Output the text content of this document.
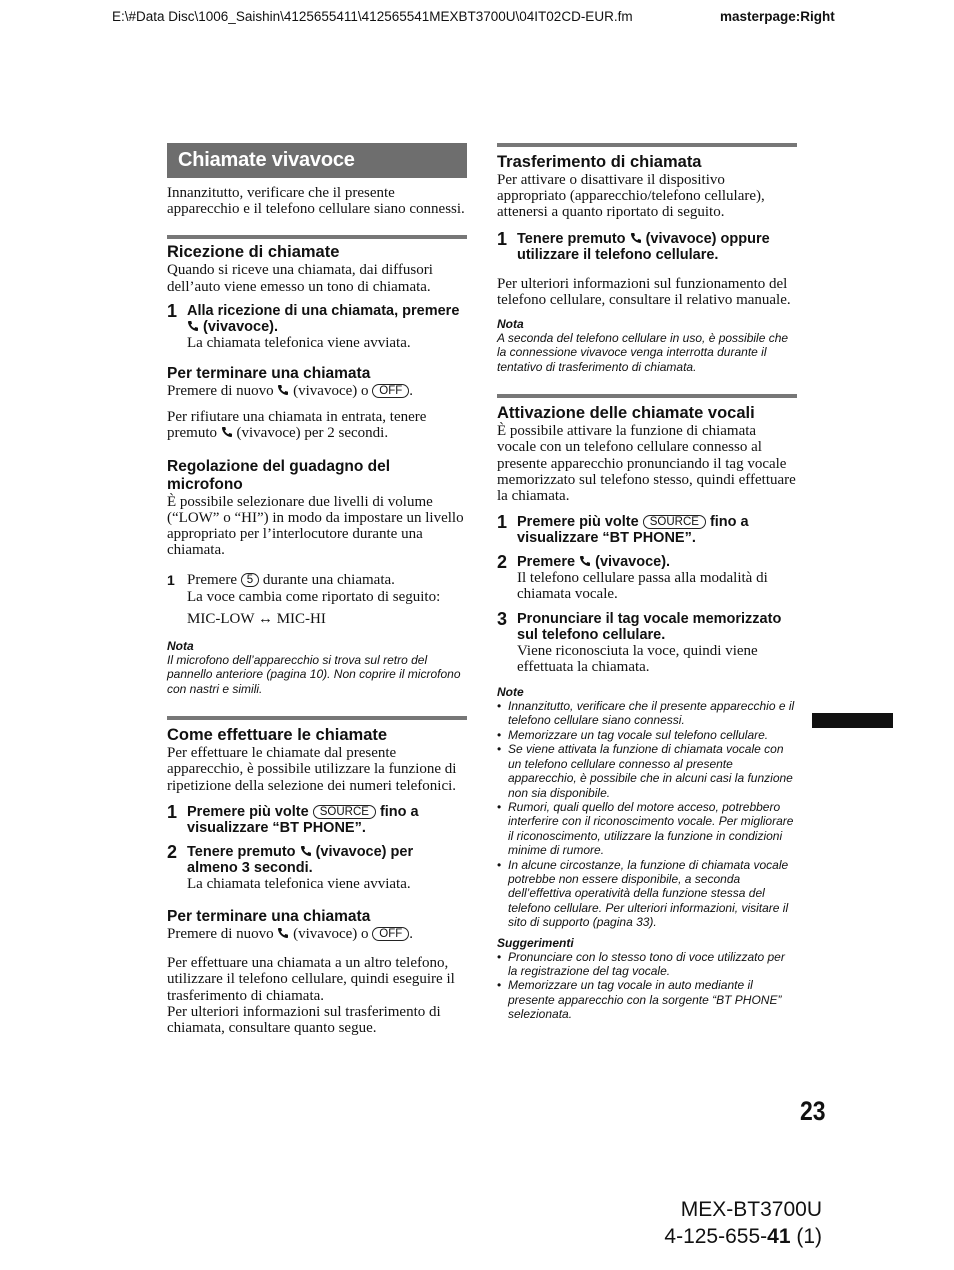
E:\#Data Disc\1006_Saishin\4125655411\412565541MEXBT3700U\04IT02CD-EUR.fm	masterpage:Right
Chiamate vivavoce

Innanzitutto, verificare che il presente apparecchio e il telefono cellulare siano connessi.

Ricezione di chiamate

Quando si riceve una chiamata, dai diffusori dell’auto viene emesso un tono di chiamata.

1 Alla ricezione di una chiamata, premere
(vivavoce).
La chiamata telefonica viene avviata.
Per terminare una chiamata

Premere di nuovo (vivavoce) o OFF .

Per rifiutare una chiamata in entrata, tenere premuto (vivavoce) per 2 secondi.

Regolazione del guadagno del microfono

È possibile selezionare due livelli di volume (“LOW” o “HI”) in modo da impostare un livello appropriato per l’interlocutore durante una chiamata.

1 Premere 5 durante una chiamata.
La voce cambia come riportato di seguito:
MIC-LOW ↔ MIC-HI
Nota

Il microfono dell’apparecchio si trova sul retro del pannello anteriore (pagina 10). Non coprire il microfono con nastri e simili.

Come effettuare le chiamate

Per effettuare le chiamate dal presente apparecchio, è possibile utilizzare la funzione di ripetizione della selezione dei numeri telefonici.

1 Premere più volte SOURCE fino a visualizzare “BT PHONE”.
2 Tenere premuto (vivavoce) per almeno 3 secondi.
La chiamata telefonica viene avviata.
Per terminare una chiamata

Premere di nuovo (vivavoce) o OFF .

Per effettuare una chiamata a un altro telefono, utilizzare il telefono cellulare, quindi eseguire il trasferimento di chiamata.

Per ulteriori informazioni sul trasferimento di chiamata, consultare quanto segue.

Trasferimento di chiamata

Per attivare o disattivare il dispositivo appropriato (apparecchio/telefono cellulare), attenersi a quanto riportato di seguito.

1 Tenere premuto (vivavoce) oppure utilizzare il telefono cellulare.

Per ulteriori informazioni sul funzionamento del telefono cellulare, consultare il relativo manuale.

Nota

A seconda del telefono cellulare in uso, è possibile che la connessione vivavoce venga interrotta durante il tentativo di trasferimento di chiamata.

Attivazione delle chiamate vocali

È possibile attivare la funzione di chiamata vocale con un telefono cellulare connesso al presente apparecchio pronunciando il tag vocale memorizzato sul telefono stesso, quindi effettuare la chiamata.

1 Premere più volte SOURCE fino a visualizzare “BT PHONE”.
2 Premere (vivavoce).
Il telefono cellulare passa alla modalità di chiamata vocale.
3 Pronunciare il tag vocale memorizzato sul telefono cellulare.
Viene riconosciuta la voce, quindi viene effettuata la chiamata.
Note
• Innanzitutto, verificare che il presente apparecchio e il telefono cellulare siano connessi.
• Memorizzare un tag vocale sul telefono cellulare.
• Se viene attivata la funzione di chiamata vocale con un telefono cellulare connesso al presente apparecchio, è possibile che in alcuni casi la funzione non sia disponibile.
• Rumori, quali quello del motore acceso, potrebbero interferire con il riconoscimento vocale. Per migliorare il riconoscimento, utilizzare la funzione in condizioni minime di rumore.
• In alcune circostanze, la funzione di chiamata vocale potrebbe non essere disponibile, a seconda dell’effettiva operatività della funzione stessa del telefono cellulare. Per ulteriori informazioni, visitare il sito di supporto (pagina 33).
Suggerimenti
• Pronunciare con lo stesso tono di voce utilizzato per la registrazione del tag vocale.
• Memorizzare un tag vocale in auto mediante il presente apparecchio con la sorgente “BT PHONE” selezionata.
23
MEX-BT3700U
4-125-655-41 (1)
